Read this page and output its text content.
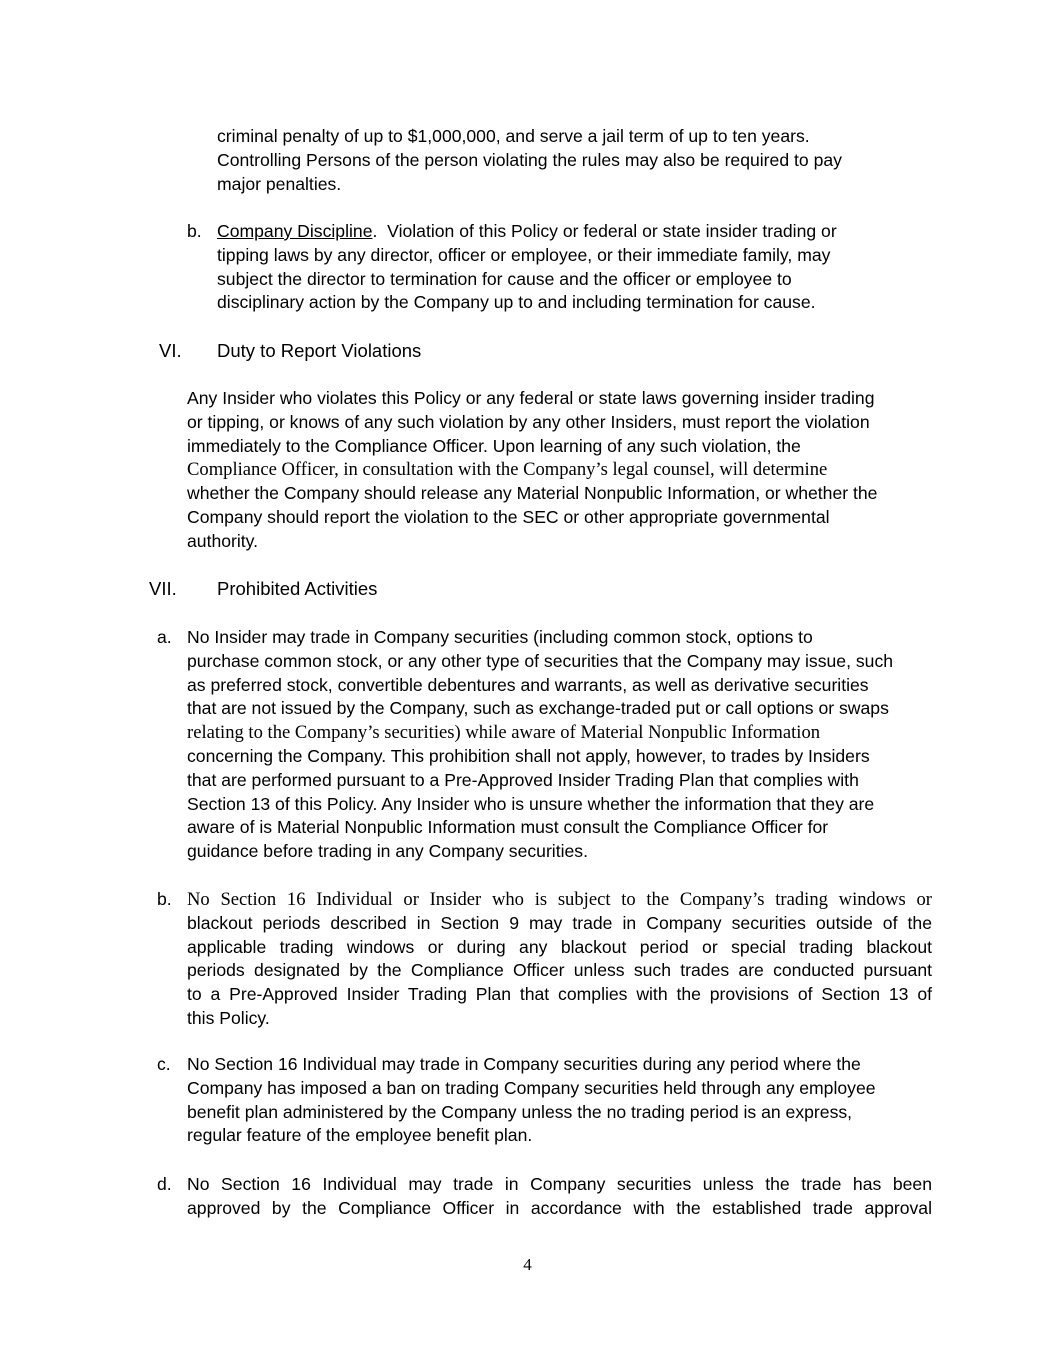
criminal penalty of up to $1,000,000, and serve a jail term of up to ten years.
Controlling Persons of the person violating the rules may also be required to pay
major penalties.
b. Company Discipline. Violation of this Policy or federal or state insider trading or
tipping laws by any director, officer or employee, or their immediate family, may
subject the director to termination for cause and the officer or employee to
disciplinary action by the Company up to and including termination for cause.
VI. Duty to Report Violations
Any Insider who violates this Policy or any federal or state laws governing insider trading
or tipping, or knows of any such violation by any other Insiders, must report the violation
immediately to the Compliance Officer. Upon learning of any such violation, the
Compliance Officer, in consultation with the Company’s legal counsel, will determine
whether the Company should release any Material Nonpublic Information, or whether the
Company should report the violation to the SEC or other appropriate governmental
authority.
VII. Prohibited Activities
a. No Insider may trade in Company securities (including common stock, options to
purchase common stock, or any other type of securities that the Company may issue, such
as preferred stock, convertible debentures and warrants, as well as derivative securities
that are not issued by the Company, such as exchange-traded put or call options or swaps
relating to the Company’s securities) while aware of Material Nonpublic Information
concerning the Company. This prohibition shall not apply, however, to trades by Insiders
that are performed pursuant to a Pre-Approved Insider Trading Plan that complies with
Section 13 of this Policy. Any Insider who is unsure whether the information that they are
aware of is Material Nonpublic Information must consult the Compliance Officer for
guidance before trading in any Company securities.
b. No Section 16 Individual or Insider who is subject to the Company’s trading windows or
blackout periods described in Section 9 may trade in Company securities outside of the
applicable trading windows or during any blackout period or special trading blackout
periods designated by the Compliance Officer unless such trades are conducted pursuant
to a Pre-Approved Insider Trading Plan that complies with the provisions of Section 13 of
this Policy.
c. No Section 16 Individual may trade in Company securities during any period where the
Company has imposed a ban on trading Company securities held through any employee
benefit plan administered by the Company unless the no trading period is an express,
regular feature of the employee benefit plan.
d. No Section 16 Individual may trade in Company securities unless the trade has been
approved by the Compliance Officer in accordance with the established trade approval
4
